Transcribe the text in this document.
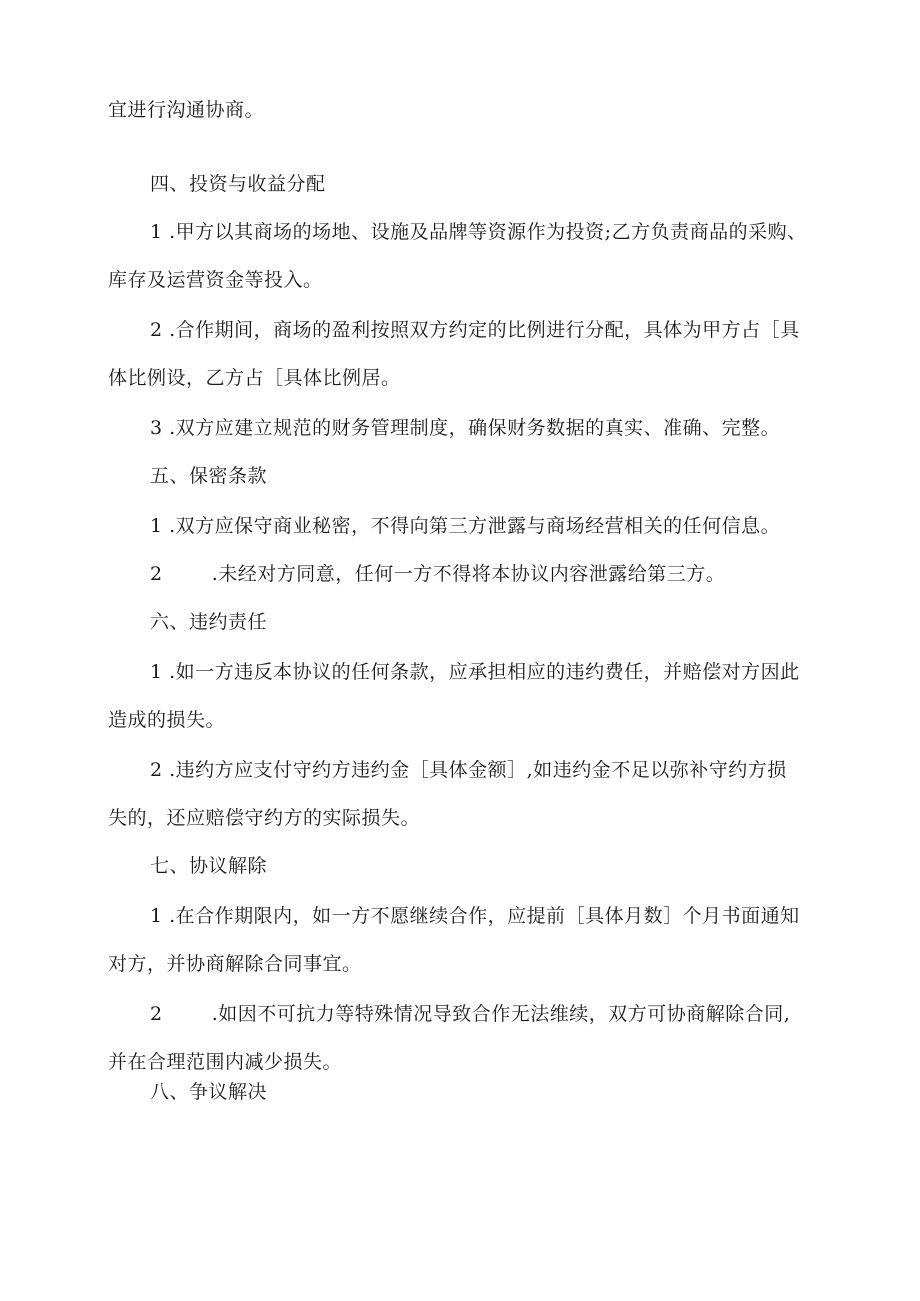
宜进行沟通协商。
四、投资与收益分配
1 .甲方以其商场的场地、设施及品牌等资源作为投资;乙方负责商品的采购、
库存及运营资金等投入。
2 .合作期间，商场的盈利按照双方约定的比例进行分配，具体为甲方占［具
体比例设，乙方占［具体比例居。
3 .双方应建立规范的财务管理制度，确保财务数据的真实、准确、完整。
五、保密条款
1 .双方应保守商业秘密，不得向第三方泄露与商场经营相关的任何信息。
2	.未经对方同意，任何一方不得将本协议内容泄露给第三方。
六、违约责任
1 .如一方违反本协议的任何条款，应承担相应的违约费任，并赔偿对方因此
造成的损失。
2 .违约方应支付守约方违约金［具体金额］,如违约金不足以弥补守约方损
失的，还应赔偿守约方的实际损失。
七、协议解除
1 .在合作期限内，如一方不愿继续合作，应提前［具体月数］个月书面通知
对方，并协商解除合同事宜。
2	.如因不可抗力等特殊情况导致合作无法维续，双方可协商解除合同,
并在合理范围内减少损失。
八、争议解决
